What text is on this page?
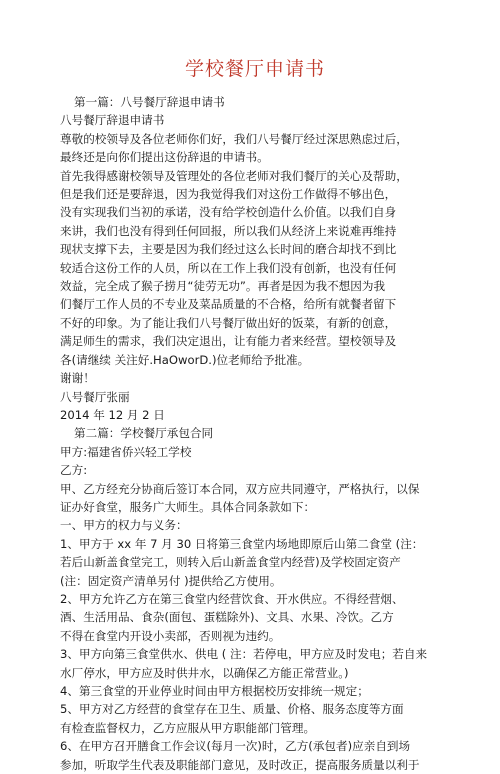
学校餐厅申请书
第一篇：八号餐厅辞退申请书
八号餐厅辞退申请书
尊敬的校领导及各位老师你们好，我们八号餐厅经过深思熟虑过后，
最终还是向你们提出这份辞退的申请书。
首先我得感谢校领导及管理处的各位老师对我们餐厅的关心及帮助，
但是我们还是要辞退，因为我觉得我们对这份工作做得不够出色，
没有实现我们当初的承诺，没有给学校创造什么价值。以我们自身
来讲，我们也没有得到任何回报，所以我们从经济上来说难再维持
现状支撑下去，主要是因为我们经过这么长时间的磨合却找不到比
较适合这份工作的人员，所以在工作上我们没有创新，也没有任何
效益，完全成了猴子捞月“徒劳无功”。再者是因为我不想因为我
们餐厅工作人员的不专业及菜品质量的不合格，给所有就餐者留下
不好的印象。为了能让我们八号餐厅做出好的饭菜，有新的创意，
满足师生的需求，我们决定退出，让有能力者来经营。望校领导及
各(请继续 关注好.HaOworD.)位老师给予批准。
谢谢！
八号餐厅张丽
2014 年 12 月 2 日
第二篇：学校餐厅承包合同
甲方:福建省侨兴轻工学校
乙方:
甲、乙方经充分协商后签订本合同，双方应共同遵守，严格执行，以保
证办好食堂，服务广大师生。具体合同条款如下：
一、甲方的权力与义务：
1、甲方于 xx 年 7 月 30 日将第三食堂内场地即原后山第二食堂 (注：
若后山新盖食堂完工，则转入后山新盖食堂内经营)及学校固定资产
(注：固定资产清单另付 )提供给乙方使用。
2、甲方允许乙方在第三食堂内经营饮食、开水供应。不得经营烟、
酒、生活用品、食杂(面包、蛋糕除外)、文具、水果、冷饮。乙方
不得在食堂内开设小卖部，否则视为违约。
3、甲方向第三食堂供水、供电 ( 注：若停电，甲方应及时发电；若自来
水厂停水，甲方应及时供井水，以确保乙方能正常营业。)
4、第三食堂的开业停业时间由甲方根据校历安排统一规定；
5、甲方对乙方经营的食堂存在卫生、质量、价格、服务态度等方面
有检查监督权力，乙方应服从甲方职能部门管理。
6、在甲方召开膳食工作会议(每月一次)时，乙方(承包者)应亲自到场
参加，听取学生代表及职能部门意见，及时改正，提高服务质量以利于
